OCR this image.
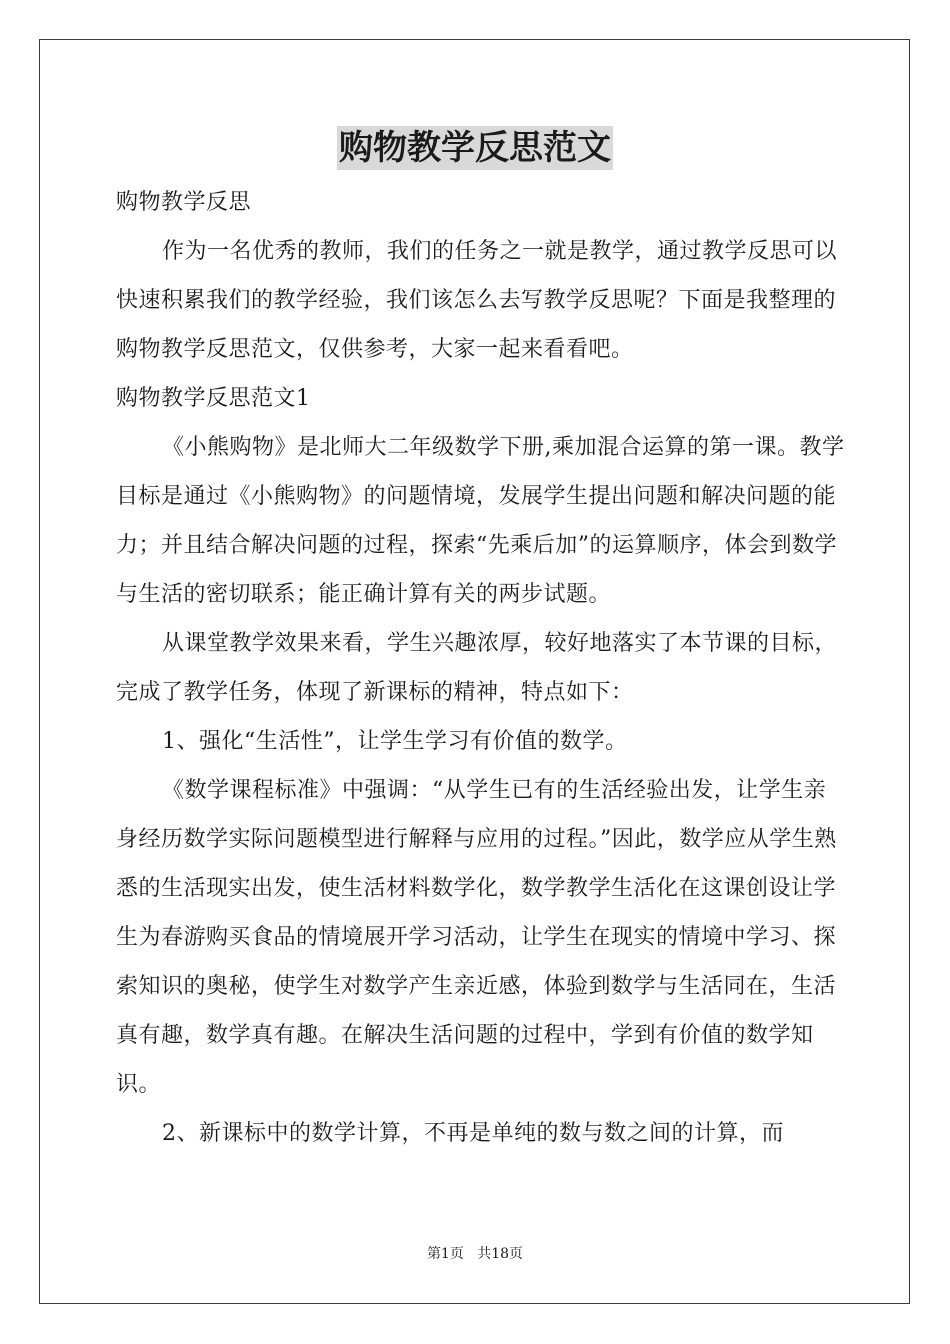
购物教学反思范文

购物教学反思

作为一名优秀的教师，我们的任务之一就是教学，通过教学反思可以快速积累我们的教学经验，我们该怎么去写教学反思呢？下面是我整理的购物教学反思范文，仅供参考，大家一起来看看吧。

购物教学反思范文1

《小熊购物》是北师大二年级数学下册,乘加混合运算的第一课。教学目标是通过《小熊购物》的问题情境，发展学生提出问题和解决问题的能力；并且结合解决问题的过程，探索“先乘后加”的运算顺序，体会到数学与生活的密切联系；能正确计算有关的两步试题。

从课堂教学效果来看，学生兴趣浓厚，较好地落实了本节课的目标，完成了教学任务，体现了新课标的精神，特点如下：

1、强化“生活性”，让学生学习有价值的数学。

《数学课程标准》中强调：“从学生已有的生活经验出发，让学生亲身经历数学实际问题模型进行解释与应用的过程。”因此，数学应从学生熟悉的生活现实出发，使生活材料数学化，数学教学生活化在这课创设让学生为春游购买食品的情境展开学习活动，让学生在现实的情境中学习、探索知识的奥秘，使学生对数学产生亲近感，体验到数学与生活同在，生活真有趣，数学真有趣。在解决生活问题的过程中，学到有价值的数学知识。

2、新课标中的数学计算，不再是单纯的数与数之间的计算，而

第1页 共18页
